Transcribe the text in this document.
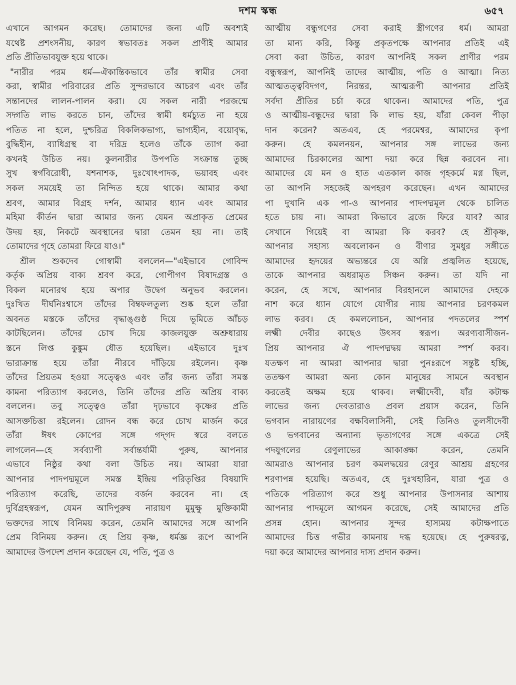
দশম স্কন্ধ	৬৫৭
এখানে আগমন করেছ। তোমাদের জন্য এটি অবশ্যই
যথেষ্ট প্রশংসনীয়, কারণ স্বভাবতঃ সকল প্রাণীই আমার
প্রতি প্রীতিভাবযুক্ত হয়ে থাকে।
"নারীর পরম ধর্ম—ঐকান্তিকভাবে তাঁর স্বামীর সেবা
করা, স্বামীর পরিবারের প্রতি সুন্দরভাবে আচরণ এবং তাঁর
সন্তানদের লালন-পালন করা। যে সকল নারী পরজন্মে
সদ্গতি লাভ করতে চান, তাঁদের স্বামী ধর্মচ্যুত না হয়ে
পতিত না হলে, দুশ্চরিত্র বিকলিকভাগ্য, ভাগ্যহীন, বয়োবৃদ্ধ,
বুদ্ধিহীন, ব্যাধিগ্রস্থ বা দরিদ্র হলেও তাঁকে ত্যাগ করা
কখনই উচিত নয়। কুলনারীর উপপতি সংক্রান্ত তুচ্ছ
সুখ স্বর্গবিরোধী, যশনাশক, দুঃখোৎপাদক, ভয়াবহ এবং
সকল সময়েই তা নিন্দিত হয়ে থাকে। আমার কথা
শ্রবণ, আমার বিগ্রহ দর্শন, আমার ধ্যান এবং আমার
মহিমা কীর্তন দ্বারা আমার জন্য যেমন অপ্রাকৃত প্রেমের
উদয় হয়, নিকটে অবস্থানের দ্বারা তেমন হয় না। তাই
তোমাদের গৃহে তোমরা ফিরে যাও।"
শ্রীল শুকদেব গোস্বামী বললেন—"এইভাবে গোবিন্দ
কর্তৃক অপ্রিয় বাক্য শ্রবণ করে, গোপীগণ বিষাদগ্রস্ত ও
বিকল মনোরথ হয়ে অপার উদ্বেগ অনুভব করলেন।
দুঃখিত দীর্ঘনিঃশ্বাসে তাঁদের বিম্বফলতুল্য শুষ্ক হলে তাঁরা
অবনত মস্তকে তাঁদের বৃদ্ধাঙ্গুষ্ঠ দিয়ে ভূমিতে আঁচড়
কাটছিলেন। তাঁদের চোখ দিয়ে কাজলযুক্ত অশ্রুধারায়
স্তনে লিপ্ত কুঙ্কুম ধৌত হয়েছিল। এইভাবে দুঃখ
ভারাক্রান্ত হয়ে তাঁরা নীরবে দাঁড়িয়ে রইলেন। কৃষ্ণ
তাঁদের প্রিয়তম হওয়া সত্ত্বেও এবং তাঁর জন্য তাঁরা সমস্ত
কামনা পরিত্যাগ করলেও, তিনি তাঁদের প্রতি অপ্রিয় বাক্য
বললেন। তবু সত্ত্বেও তাঁরা দৃঢ়ভাবে কৃষ্ণের প্রতি
আসক্তচিত্তা রইলেন। রোদন বন্ধ করে চোখ মার্জন করে
তাঁরা ঈষৎ কোপের সঙ্গে গদ্‌গদ স্বরে বলতে
লাগলেন—হে সর্বব্যাপী সর্বান্তর্যামী পুরুষ, আপনার
এভাবে নিষ্ঠুর কথা বলা উচিত নয়। আমরা যারা
আপনার পাদপদ্মমূলে সমস্ত ইন্দ্রিয় পরিতৃপ্তির বিষয়াদি
পরিত্যাগ করেছি, তাদের বর্জন করবেন না। হে
দুর্বিগ্রহস্বরূপ, যেমন আদিপুরুষ নারায়ণ মুমুক্ষু মুক্তিকামী
ভক্তদের সাথে বিনিময় করেন, তেমনি আমাদের সঙ্গে আপনি
প্রেম বিনিময় করুন। হে প্রিয় কৃষ্ণ, ধর্মজ্ঞ রূপে আপনি
আমাদের উপদেশ প্রদান করেছেন যে, পতি, পুত্র ও
আত্মীয় বন্ধুগণের সেবা করাই স্ত্রীগণের ধর্ম। আমরা
তা মান্য করি, কিন্তু প্রকৃতপক্ষে আপনার প্রতিই এই
সেবা করা উচিত, কারণ আপনিই সকল প্রাণীর পরম
বন্ধুস্বরূপ, আপনিই তাদের আত্মীয়, পতি ও আত্মা। নিত্য
আত্মতত্ত্ববিদগণ, নিরন্তর, আত্মরূপী আপনার প্রতিই
সর্বদা প্রীতির চর্চা করে থাকেন। আমাদের পতি, পুত্র
ও আত্মীয়-বন্ধুদের দ্বারা কি লাভ হয়, যাঁরা কেবল পীড়া
দান করেন? অতএব, হে পরমেশ্বর, আমাদের কৃপা
করুন। হে কমলনয়ন, আপনার সঙ্গ লাভের জন্য
আমাদের চিরকালের আশা দয়া করে ছিন্ন করবেন না।
আমাদের যে মন ও হাত এতকাল কাজ গৃহকর্মে মগ্ন ছিল,
তা আপনি সহজেই অপহরণ করেছেন। এখন আমাদের
পা দুখানি এক পা-ও আপনার পাদপদ্মমূল থেকে চালিত
হতে চায় না। আমরা কিভাবে ব্রজে ফিরে যাব? আর
সেখানে গিয়েই বা আমরা কি করব? হে শ্রীকৃষ্ণ,
আপনার সহাস্য অবলোকন ও বীণার সুমধুর সঙ্গীতে
আমাদের হৃদয়ের অভ্যন্তরে যে অগ্নি প্রজ্বলিত হয়েছে,
তাকে আপনার অধরামৃত সিঞ্চন করুন। তা যদি না
করেন, হে সখে, আপনার বিরহানলে আমাদের দেহকে
নাশ করে ধ্যান যোগে যোগীর ন্যায় আপনার চরণকমল
লাভ করব। হে কমললোচন, আপনার পদতলের স্পর্শ
লক্ষ্মী দেবীর কাছেও উৎসব স্বরূপ। অরণ্যবাসীজন-
প্রিয় আপনার ঐ পাদপদ্মদ্বয় আমরা স্পর্শ করব।
যতক্ষণ না আমরা আপনার দ্বারা পুনঃরূপে সন্তুষ্ট হচ্ছি,
ততক্ষণ আমরা অন্য কোন মানুষের সামনে অবস্থান
করতেই অক্ষম হয়ে থাকব। লক্ষ্মীদেবী, যাঁর কটাক্ষ
লাভের জন্য দেবতারাও প্রবল প্রয়াস করেন, তিনি
ভগবান নারায়ণের বক্ষবিলাসিনী, সেই তিনিও তুলসীদেবী
ও ভগবানের অন্যান্য ভৃত্যগণের সঙ্গে একত্রে সেই
পদযুগলের রেণুলাভের আকাঙ্ক্ষা করেন, তেমনি
আমরাও আপনার চরণ কমলদ্বয়ের রেণুর আশ্রয় গ্রহণের
শরণাপন্ন হয়েছি। অতএব, হে দুঃখহারিন, যারা পুত্র ও
পতিকে পরিত্যাগ করে শুধু আপনার উপাসনার আশায়
আপনার পাদমূলে আগমন করেছে, সেই আমাদের প্রতি
প্রসন্ন হোন। আপনার সুন্দর হাস্যময় কটাক্ষপাতে
আমাদের চিত্ত গভীর কামনায় দগ্ধ হয়েছে। হে পুরুষরত্ন,
দয়া করে আমাদের আপনার দাস্য প্রদান করুন।
